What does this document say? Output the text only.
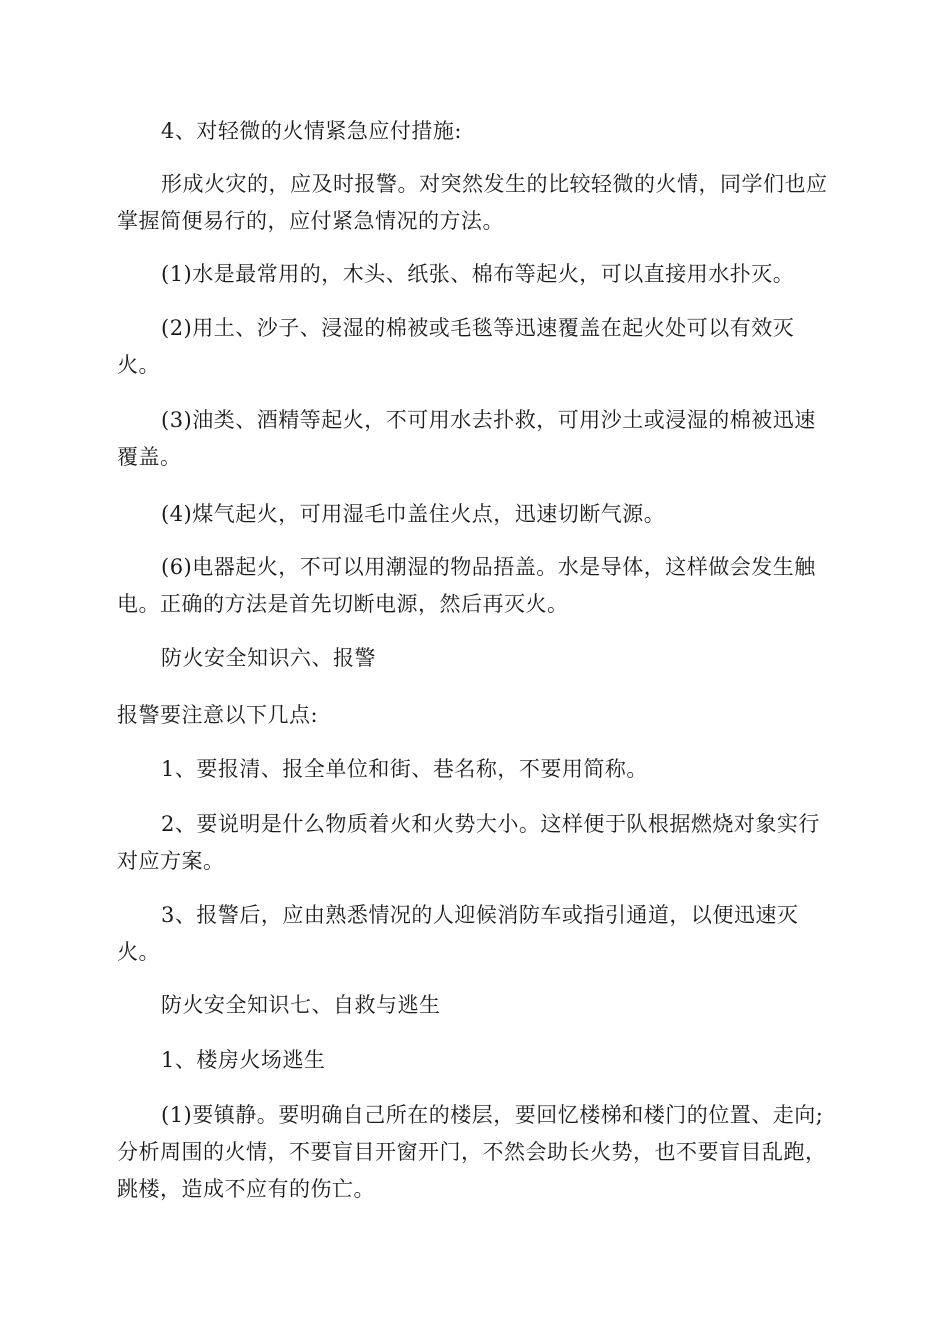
4、对轻微的火情紧急应付措施:

形成火灾的，应及时报警。对突然发生的比较轻微的火情，同学们也应掌握简便易行的，应付紧急情况的方法。

(1)水是最常用的，木头、纸张、棉布等起火，可以直接用水扑灭。

(2)用土、沙子、浸湿的棉被或毛毯等迅速覆盖在起火处可以有效灭火。

(3)油类、酒精等起火，不可用水去扑救，可用沙土或浸湿的棉被迅速覆盖。

(4)煤气起火，可用湿毛巾盖住火点，迅速切断气源。

(6)电器起火，不可以用潮湿的物品捂盖。水是导体，这样做会发生触电。正确的方法是首先切断电源，然后再灭火。

防火安全知识六、报警

报警要注意以下几点:

1、要报清、报全单位和街、巷名称，不要用简称。

2、要说明是什么物质着火和火势大小。这样便于队根据燃烧对象实行对应方案。

3、报警后，应由熟悉情况的人迎候消防车或指引通道，以便迅速灭火。

防火安全知识七、自救与逃生

1、楼房火场逃生

(1)要镇静。要明确自己所在的楼层，要回忆楼梯和楼门的位置、走向;分析周围的火情，不要盲目开窗开门，不然会助长火势，也不要盲目乱跑，跳楼，造成不应有的伤亡。
